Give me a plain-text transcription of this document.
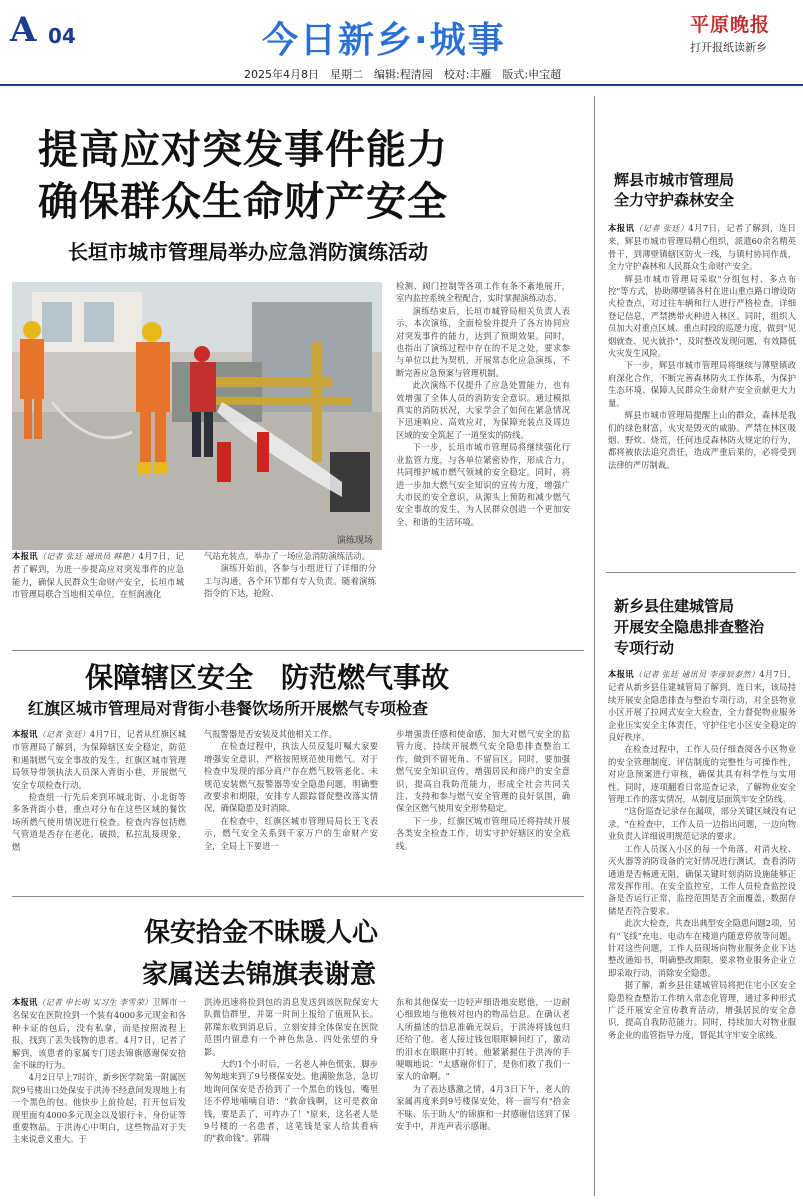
A 04	今日新乡·城事	平原晚报
打开报纸读新乡
2025年4月8日　星期二　编辑:程清园　校对:丰雁　版式:申宝超
提高应对突发事件能力
确保群众生命财产安全
长垣市城市管理局举办应急消防演练活动
演练现场

本报讯（记者 张廷 通讯员 韩艳）4月7日，记者了解到，为进一步提高应对突发事件的应急能力，确保人民群众生命财产安全，长垣市城市管理局联合当地相关单位，在恒润液化

气站充装点，举办了一场应急消防演练活动。

演练开始前，各参与小组进行了详细的分工与沟通，各个环节都有专人负责。随着演练指令的下达，抢险、

检测、阀门控制等各项工作有条不紊地展开，室内监控系统全程配合，实时掌握演练动态。

演练结束后，长垣市城管局相关负责人表示，本次演练，全面检验并提升了各方协同应对突发事件的能力，达到了预期效果。同时，也指出了演练过程中存在的不足之处，要求参与单位以此为契机，开展常态化应急演练，不断完善应急预案与管理机制。

此次演练不仅提升了应急处置能力，也有效增强了全体人员的消防安全意识。通过模拟真实的消防状况，大家学会了如何在紧急情况下迅速响应、高效应对，为保障充装点及周边区域的安全筑起了一道坚实的防线。

下一步，长垣市城市管理局将继续强化行业监管力度，与各单位紧密协作，形成合力，共同维护城市燃气领域的安全稳定。同时，将进一步加大燃气安全知识的宣传力度，增强广大市民的安全意识，从源头上预防和减少燃气安全事故的发生，为人民群众创造一个更加安全、和谐的生活环境。

保障辖区安全　防范燃气事故
红旗区城市管理局对背街小巷餐饮场所开展燃气专项检查

本报讯（记者 张廷）4月7日，记者从红旗区城市管理局了解到，为保障辖区安全稳定，防范和遏制燃气安全事故的发生，红旗区城市管理局领导带领执法人员深入背街小巷，开展燃气安全专项检查行动。

检查组一行先后来到环城北街、小北街等多条背街小巷，重点对分布在这些区域的餐饮场所燃气使用情况进行检查。检查内容包括燃气管道是否存在老化、破损，私拉乱接现象，燃

气报警器是否安装及其他相关工作。

在检查过程中，执法人员反复叮嘱大家要增强安全意识，严格按照规范使用燃气。对于检查中发现的部分商户存在燃气胶管老化、未规范安装燃气报警器等安全隐患问题，明确整改要求和期限，安排专人跟踪督促整改落实情况，确保隐患及时消除。

在检查中，红旗区城市管理局局长王飞表示，燃气安全关系到千家万户的生命财产安全，全局上下要进一

步增强责任感和使命感，加大对燃气安全的监管力度，持续开展燃气安全隐患排查整治工作，做到不留死角、不留盲区。同时，要加强燃气安全知识宣传，增强居民和商户的安全意识，提高自我防范能力，形成全社会共同关注、支持和参与燃气安全管理的良好氛围，确保全区燃气使用安全形势稳定。

下一步，红旗区城市管理局还将持续开展各类安全检查工作，切实守护好辖区的安全底线。

保安拾金不昧暖人心
家属送去锦旗表谢意

本报讯（记者 申长明 实习生 李雪荣）卫辉市一名保安在医院捡到一个装有4000多元现金和各种卡证的包后，没有私拿，而是按照流程上报，找到了丢失钱物的患者。4月7日，记者了解到，该患者的家属专门送去锦旗感谢保安拾金不昧的行为。

4月2日早上7时许，新乡医学院第一附属医院9号楼出口处保安于洪涛不经意间发现地上有一个黑色的包。他快步上前捡起，打开包后发现里面有4000多元现金以及银行卡、身份证等重要物品。于洪涛心中明白，这些物品对于失主来说意义重大。于

洪涛迅速将捡到包的消息发送到该医院保安大队微信群里，并第一时间上报给了值班队长。郭瑞东收到消息后，立刻安排全体保安在医院范围内留意有一个神色焦急、四处张望的身影。

大约1个小时后，一名老人神色慌张，脚步匆匆地来到了9号楼保安处。他满脸焦急，急切地询问保安是否拾到了一个黑色的钱包，嘴里还不停地喃喃自语："救命钱啊，这可是救命钱，要是丢了，可咋办了！"原来，这名老人是9号楼的一名患者，这笔钱是家人给其看病的"救命钱"。郭瑞

东和其他保安一边轻声细语地安慰他，一边耐心细致地与他核对包内的物品信息。在确认老人所描述的信息准确无误后，于洪涛将钱包归还给了他。老人接过钱包眼眶瞬间红了，激动的泪水在眼眶中打转。他紧紧握住于洪涛的手哽咽地说："太感谢你们了，是你们救了我们一家人的命啊。"

为了表达感激之情，4月3日下午，老人的家属再度来到9号楼保安处，将一面写有"拾金不昧、乐于助人"的锦旗和一封感谢信送到了保安手中，并连声表示感谢。

辉县市城市管理局
全力守护森林安全

本报讯（记者 张廷）4月7日，记者了解到，连日来，辉县市城市管理局精心组织，派遣60余名精英骨干，到薄壁镇辖区防火一线，与镇村协同作战，全力守护森林和人民群众生命财产安全。

辉县市城市管理局采取"分组包村、多点布控"等方式，协助薄壁镇各村在进山重点路口增设防火检查点，对过往车辆和行人进行严格检查，详细登记信息，严禁携带火种进入林区。同时，组织人员加大对重点区域、重点时段的巡逻力度，做到"见烟就查、见火就扑"，及时整改发现问题，有效降低火灾发生风险。

下一步，辉县市城市管理局将继续与薄壁镇政府深化合作，不断完善森林防火工作体系，为保护生态环境、保障人民群众生命财产安全贡献更大力量。

辉县市城市管理局提醒上山的群众，森林是我们的绿色财富，火灾是毁灭的威胁。严禁在林区吸烟、野炊、烧荒，任何违反森林防火规定的行为，都将被依法追究责任，造成严重后果的，必将受到法律的严厉制裁。

新乡县住建城管局
开展安全隐患排查整治
专项行动

本报讯（记者 张廷 通讯员 李彦辰泰然）4月7日，记者从新乡县住建城管局了解到，连日来，该局持续开展安全隐患排查与整治专项行动，对全县物业小区开展了拉网式安全大检查，全力督促物业服务企业压实安全主体责任，守护住宅小区安全稳定的良好秩序。

在检查过程中，工作人员仔细查阅各小区物业的安全管理制度、评估制度的完整性与可操作性，对应急预案进行审核，确保其具有科学性与实用性。同时，逐项翻看日常巡查记录，了解物业安全管理工作的落实情况，从制度层面筑牢安全防线。

"这份巡查记录存在漏项，部分关键区域没有记录。"在检查中，工作人员一边指出问题，一边向物业负责人详细说明规范记录的要求。

工作人员深入小区的每一个角落，对消火栓、灭火器等消防设备的完好情况进行测试，查看消防通道是否畅通无阻，确保关键时刻消防设施能够正常发挥作用。在安全监控室，工作人员检查监控设备是否运行正常，监控范围是否全面覆盖，数据存储是否符合要求。

此次大检查，共查出典型安全隐患问题2项，另有"飞线"充电、电动车在楼道内随意停放等问题。针对这些问题，工作人员现场向物业服务企业下达整改通知书，明确整改期限，要求物业服务企业立即采取行动，消除安全隐患。

据了解，新乡县住建城管局将把住宅小区安全隐患检查整治工作纳入常态化管理，通过多种形式广泛开展安全宣传教育活动，增强居民的安全意识，提高自我防范能力。同时，持续加大对物业服务企业的监管指导力度，督促其守牢安全底线。
